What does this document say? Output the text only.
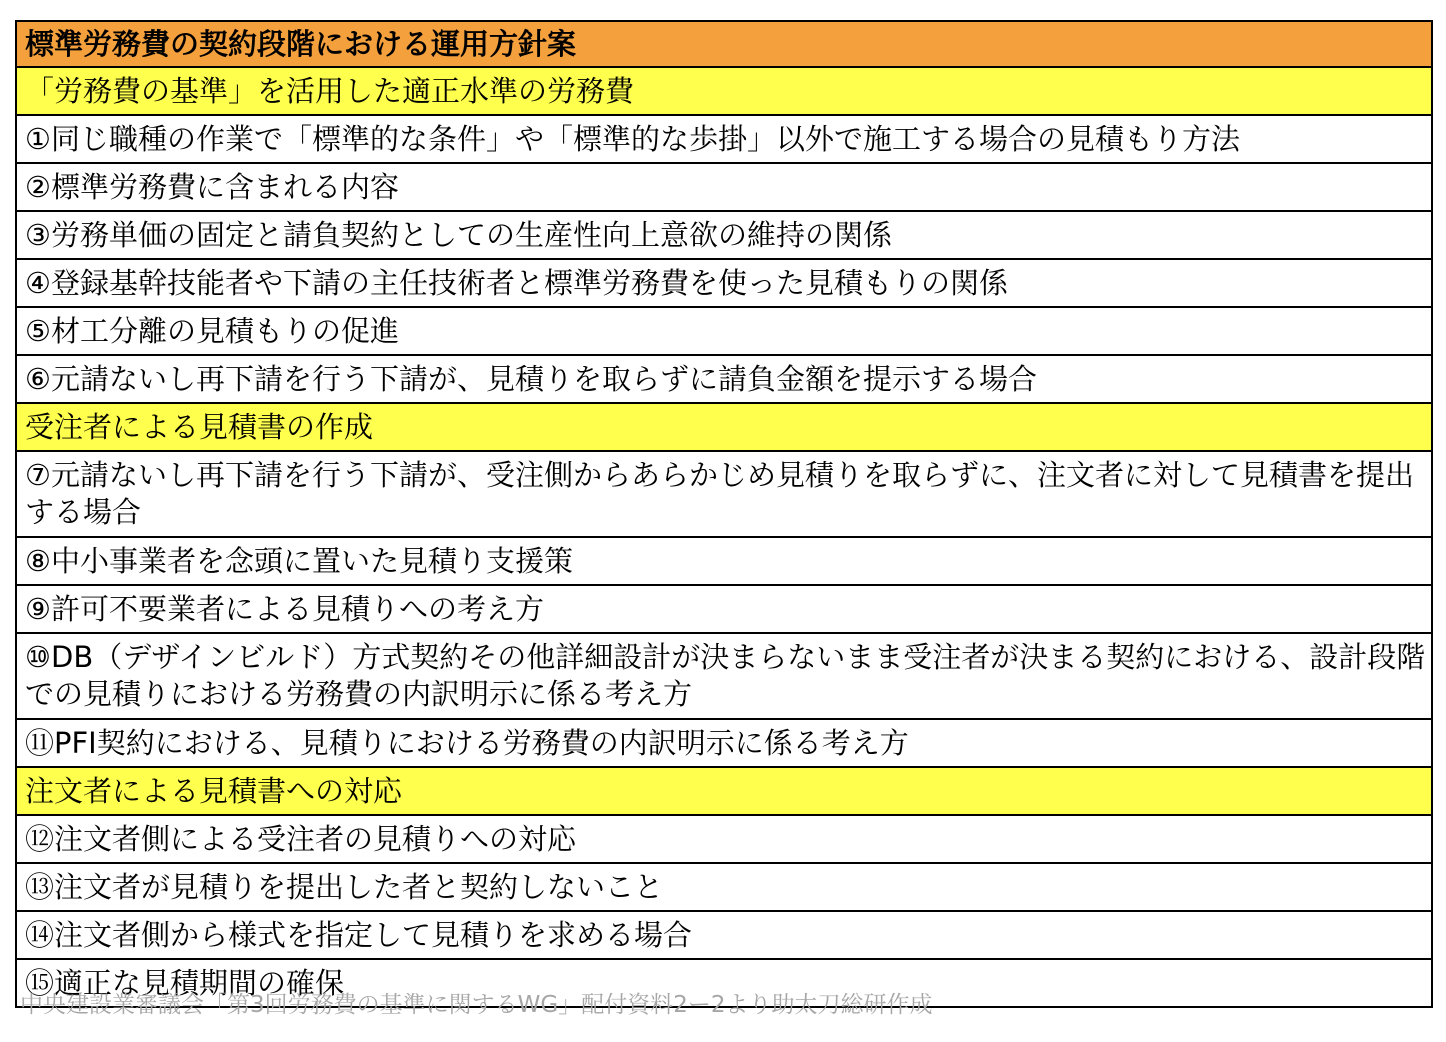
標準労務費の契約段階における運用方針案
「労務費の基準」を活用した適正水準の労務費
①同じ職種の作業で「標準的な条件」や「標準的な歩掛」以外で施工する場合の見積もり方法
②標準労務費に含まれる内容
③労務単価の固定と請負契約としての生産性向上意欲の維持の関係
④登録基幹技能者や下請の主任技術者と標準労務費を使った見積もりの関係
⑤材工分離の見積もりの促進
⑥元請ないし再下請を行う下請が、見積りを取らずに請負金額を提示する場合
受注者による見積書の作成
⑦元請ないし再下請を行う下請が、受注側からあらかじめ見積りを取らずに、注文者に対して見積書を提出する場合
⑧中小事業者を念頭に置いた見積り支援策
⑨許可不要業者による見積りへの考え方
⑩DB（デザインビルド）方式契約その他詳細設計が決まらないまま受注者が決まる契約における、設計段階での見積りにおける労務費の内訳明示に係る考え方
⑪PFI契約における、見積りにおける労務費の内訳明示に係る考え方
注文者による見積書への対応
⑫注文者側による受注者の見積りへの対応
⑬注文者が見積りを提出した者と契約しないこと
⑭注文者側から様式を指定して見積りを求める場合
⑮適正な見積期間の確保
中央建設業審議会「第3回労務費の基準に関するWG」配付資料2ー2より助太刀総研作成
